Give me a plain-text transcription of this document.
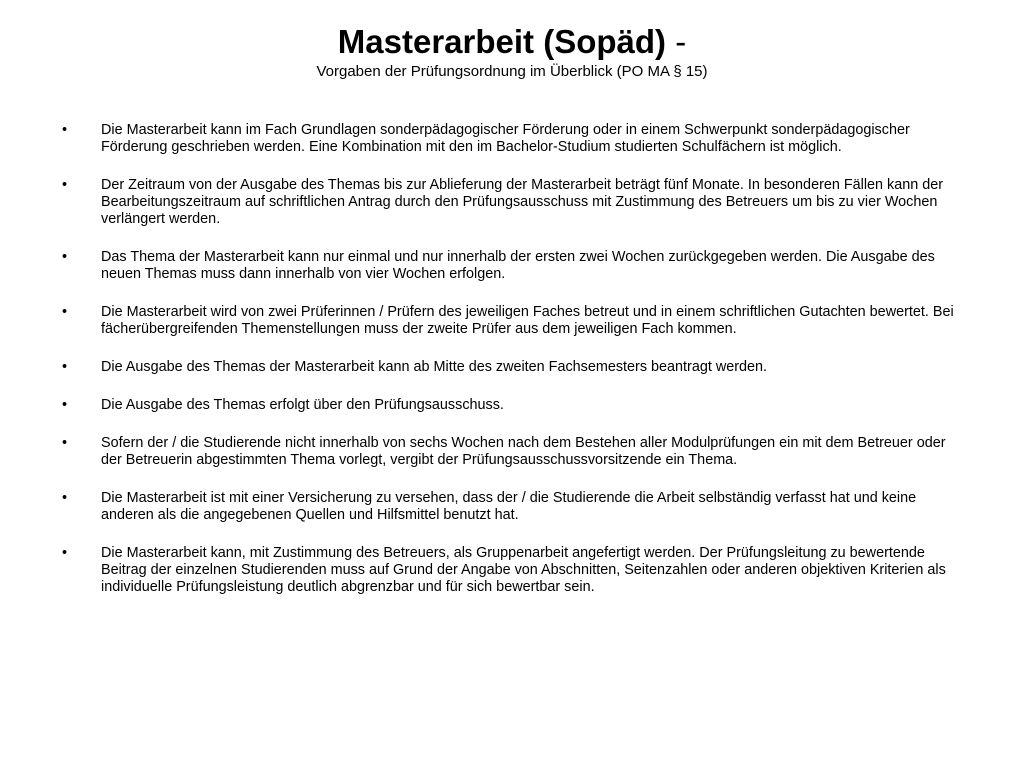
Masterarbeit (Sopäd) -
Vorgaben der Prüfungsordnung im Überblick (PO MA § 15)
•	Die Masterarbeit kann im Fach Grundlagen sonderpädagogischer Förderung oder in einem Schwerpunkt sonderpädagogischer Förderung geschrieben werden. Eine Kombination mit den im Bachelor-Studium studierten Schulfächern ist möglich.
•	Der Zeitraum von der Ausgabe des Themas bis zur Ablieferung der Masterarbeit beträgt fünf Monate. In besonderen Fällen kann der Bearbeitungszeitraum auf schriftlichen Antrag durch den Prüfungsausschuss mit Zustimmung des Betreuers um bis zu vier Wochen verlängert werden.
•	Das Thema der Masterarbeit kann nur einmal und nur innerhalb der ersten zwei Wochen zurückgegeben werden. Die Ausgabe des neuen Themas muss dann innerhalb von vier Wochen erfolgen.
•	Die Masterarbeit wird von zwei Prüferinnen / Prüfern des jeweiligen Faches betreut und in einem schriftlichen Gutachten bewertet. Bei fächerübergreifenden Themenstellungen muss der zweite Prüfer aus dem jeweiligen Fach kommen.
•	Die Ausgabe des Themas der Masterarbeit kann ab Mitte des zweiten Fachsemesters beantragt werden.
•	Die Ausgabe des Themas erfolgt über den Prüfungsausschuss.
•	Sofern der / die Studierende nicht innerhalb von sechs Wochen nach dem Bestehen aller Modulprüfungen ein mit dem Betreuer oder der Betreuerin abgestimmten Thema vorlegt, vergibt der Prüfungsausschussvorsitzende ein Thema.
•	Die Masterarbeit ist mit einer Versicherung zu versehen, dass der / die Studierende die Arbeit selbständig verfasst hat und keine anderen als die angegebenen Quellen und Hilfsmittel benutzt hat.
•	Die Masterarbeit kann, mit Zustimmung des Betreuers, als Gruppenarbeit angefertigt werden. Der Prüfungsleitung zu bewertende Beitrag der einzelnen Studierenden muss auf Grund der Angabe von Abschnitten, Seitenzahlen oder anderen objektiven Kriterien als individuelle Prüfungsleistung deutlich abgrenzbar und für sich bewertbar sein.
